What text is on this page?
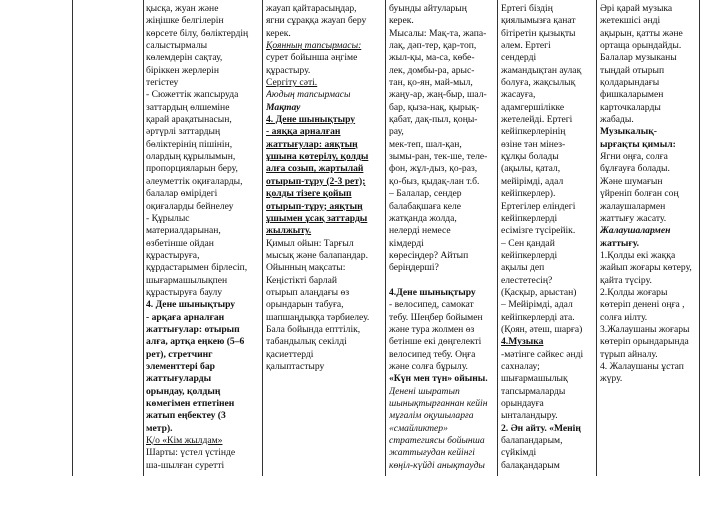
қысқа, жуан және
жіңішке белгілерін
көрсете білу, бөліктердің
салыстырмалы
көлемдерін сақтау,
біріккен жерлерін
тегістеу
- Сюжеттік жапсыруда
заттардың өлшеміне
қарай арақатынасын,
әртүрлі заттардың
бөліктерінің пішінін,
олардың құрылымын,
пропорцияларын беру,
әлеуметтік оқиғаларды,
балалар өмірідегі
оқиғаларды бейнелеу
- Құрылыс
материалдарынан,
өзбетінше ойдан
құрастыруға,
құрдастарымен бірлесіп,
шығармашылықпен
құрастыруға баулу
4. Дене шынықтыру
- арқаға арналған
жаттығулар: отырып
алға, артқа еңкею (5–6
рет), стретчинг
элементтері бар
жаттығуларды
орындау, қолдың
көмегімен етпетінен
жатып еңбектеу (3
метр).
Қ/о «Кім жылдам»
Шарты: үстел үстінде
ша-шылған суретті
жауап қайтарасыңдар,
ягни сұраққа жауап беру
керек.
Қоянның тапсырмасы:
сурет бойынша әңгіме
құрастыру.
Сергіту сәті.
Аюдың тапсырмасы
Мақтау
4. Дене шынықтыру
- аяққа арналған
жаттығулар: аяқтың
ұшына көтерілу, қолды
алға созып, жартылай
отырып-тұру (2-3 рет);
қолды тізеге қойып
отырып-тұру; аяқтың
ұшымен ұсақ заттарды
жылжыту.
Қимыл ойын: Тарғыл
мысық және балапандар.
Ойынның мақсаты:
Кеңістікті барлай
отырып алаңдағы өз
орындарын табуға,
шапшаңдыққа тәрбиелеу.
Бала бойында епттілік,
табандылық секілді
қасиеттерді
қалыптастыру
буынды айтуларың
керек.
Мысалы: Мақ-та, жапа-
лақ, дәп-тер, қар-топ,
жыл-қы, ма-са, көбе-
лек, домбы-ра, арыс-
тан, қо-ян, май-мыл,
жаңу-ар, жаң-быр, шал-
бар, қыза-нақ, қырық-
қабат, дақ-пыл, қоңы-
рау,
мек-теп, шал-қан,
зымы-ран, тек-ше, теле-
фон, жұл-дыз, қо-раз,
қо-быз, қыдақ-лан т.б.
– Балалар, сендер
балабақшаға келе
жатқанда жолда,
нелерді немесе
кімдерді
көресіңдер? Айтып
беріңдерші?
4.Дене шынықтыру
- велосипед, самокат
тебу. Шеңбер бойымен
және тура жолмен өз
бетінше екі дөңгелекті
велосипед тебу. Оңға
және солға бұрылу.
«Күн мен түн» ойыны.
Денені шыратып
шынықтырғаннан кейін
мұғалім оқушыларға
«смайликтер»
стратегиясы бойынша
жаттығудан кейінгі
көңіл-күйді анықтауды
Ертегі біздің
қиялымызға қанат
бітіретін қызықты
әлем. Ертегі
сендерді
жамандықтан аулақ
болуға, жақсылық
жасауға,
адамгершілікке
жетелейді. Ертегі
кейіпкерлерінің
өзіне тән мінез-
құлқы болады
(ақылы, қатал,
мейірімді, адал
кейіпкерлер).
Ертегілер еліндегі
кейіпкерлерді
есімізге түсірейік.
– Сен қандай
кейіпкерлерді
ақылы деп
елестетесің?
(Қасқыр, арыстан)
– Мейірімді, адал
кейіпкерлерді ата.
(Қоян, әтеш, шарға)
4.Музыка
-мәтінге сәйкес әнді
сахналау;
шығармашылық
тапсырмаларды
орындауға
ынталандыру.
2. Ән айту. «Менің
балапандарым,
сүйкімді
балақандарым
Әрі қарай музыка
жетекшісі әнді
ақырын, қатты және
ортаща орындайды.
Балалар музыканы
тыңдай отырып
қолдарындағы
фишкаларымен
карточкаларды
жабады.
Музыкалық-
ырғақты қимыл:
Ягни оңға, солға
бұлғауға болады.
Және шумағын
үйреніп болған соң
жалаушалармен
жаттығу жасату.
Жалаушалармен
жаттығу.
1.Қолды екі жаққа
жайып жоғары көтеру,
қайта түсіру.
2.Қолды жоғары
көтеріп денені оңға ,
солға иілту.
3.Жалаушаны жоғары
көтеріп орындарында
түрып айналу.
4. Жалаушаны ұстап
жүру.
